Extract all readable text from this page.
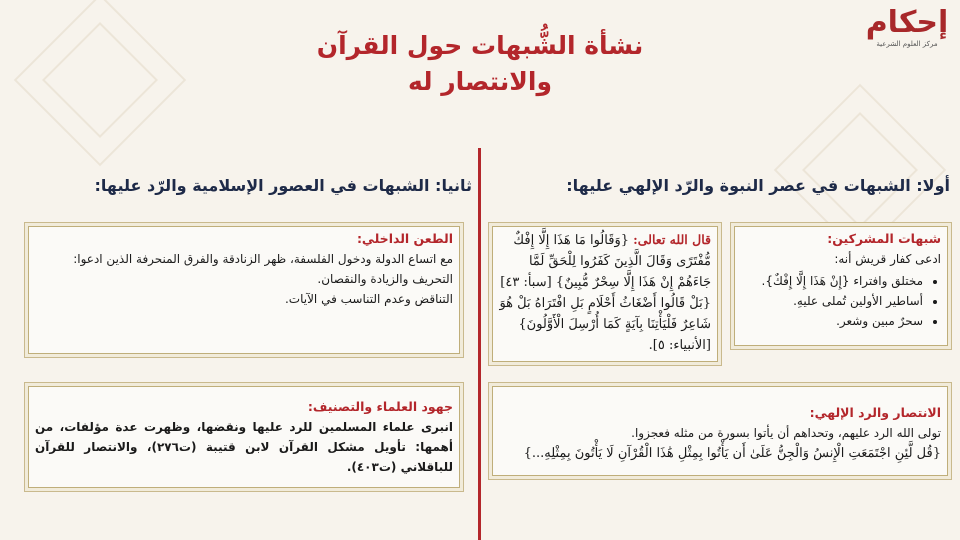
إحكام
مركز العلوم الشرعية
نشأة الشُّبهات حول القرآن
والانتصار له
أولا: الشبهات في عصر النبوة والرّد الإلهي عليها:
ثانيا: الشبهات في العصور الإسلامية والرّد عليها:
شبهات المشركين:
ادعى كفار قريش أنه:
• مختلق وافتراء {إِنْ هَذَا إِلَّا إِفْكٌ}.
• أساطير الأولين تُملى عليهِ.
• سحرٌ مبين وشعر.
قال الله تعالى: {وَقَالُوا مَا هَذَا إِلَّا إِفْكٌ مُّفْتَرًى وَقَالَ الَّذِينَ كَفَرُوا لِلْحَقِّ لَمَّا جَاءَهُمْ إِنْ هَذَا إِلَّا سِحْرٌ مُّبِينٌ} [سبأ: ٤٣] {بَلْ قَالُوا أَضْغَاثُ أَحْلَامٍ بَلِ افْتَرَاهُ بَلْ هُوَ شَاعِرٌ فَلْيَأْتِنَا بِآيَةٍ كَمَا أُرْسِلَ الْأَوَّلُونَ} [الأنبياء: ٥].
الطعن الداخلي:
مع اتساع الدولة ودخول الفلسفة، ظهر الزنادقة والفرق المنحرفة الذين ادعوا:
التحريف والزيادة والنقصان.
التناقض وعدم التناسب في الآيات.
الانتصار والرد الإلهي:
تولى الله الرد عليهم، وتحداهم أن يأتوا بسورة من مثله فعجزوا.
{قُل لَّئِنِ اجْتَمَعَتِ الْإِنسُ وَالْجِنُّ عَلَىٰ أَن يَأْتُوا بِمِثْلِ هَٰذَا الْقُرْآنِ لَا يَأْتُونَ بِمِثْلِهِ...}
جهود العلماء والتصنيف:
انبرى علماء المسلمين للرد عليها ونقضها، وظهرت عدة مؤلفات، من أهمها: تأويل مشكل القرآن لابن قتيبة (ت٢٧٦)، والانتصار للقرآن للباقلاني (ت٤٠٣).
